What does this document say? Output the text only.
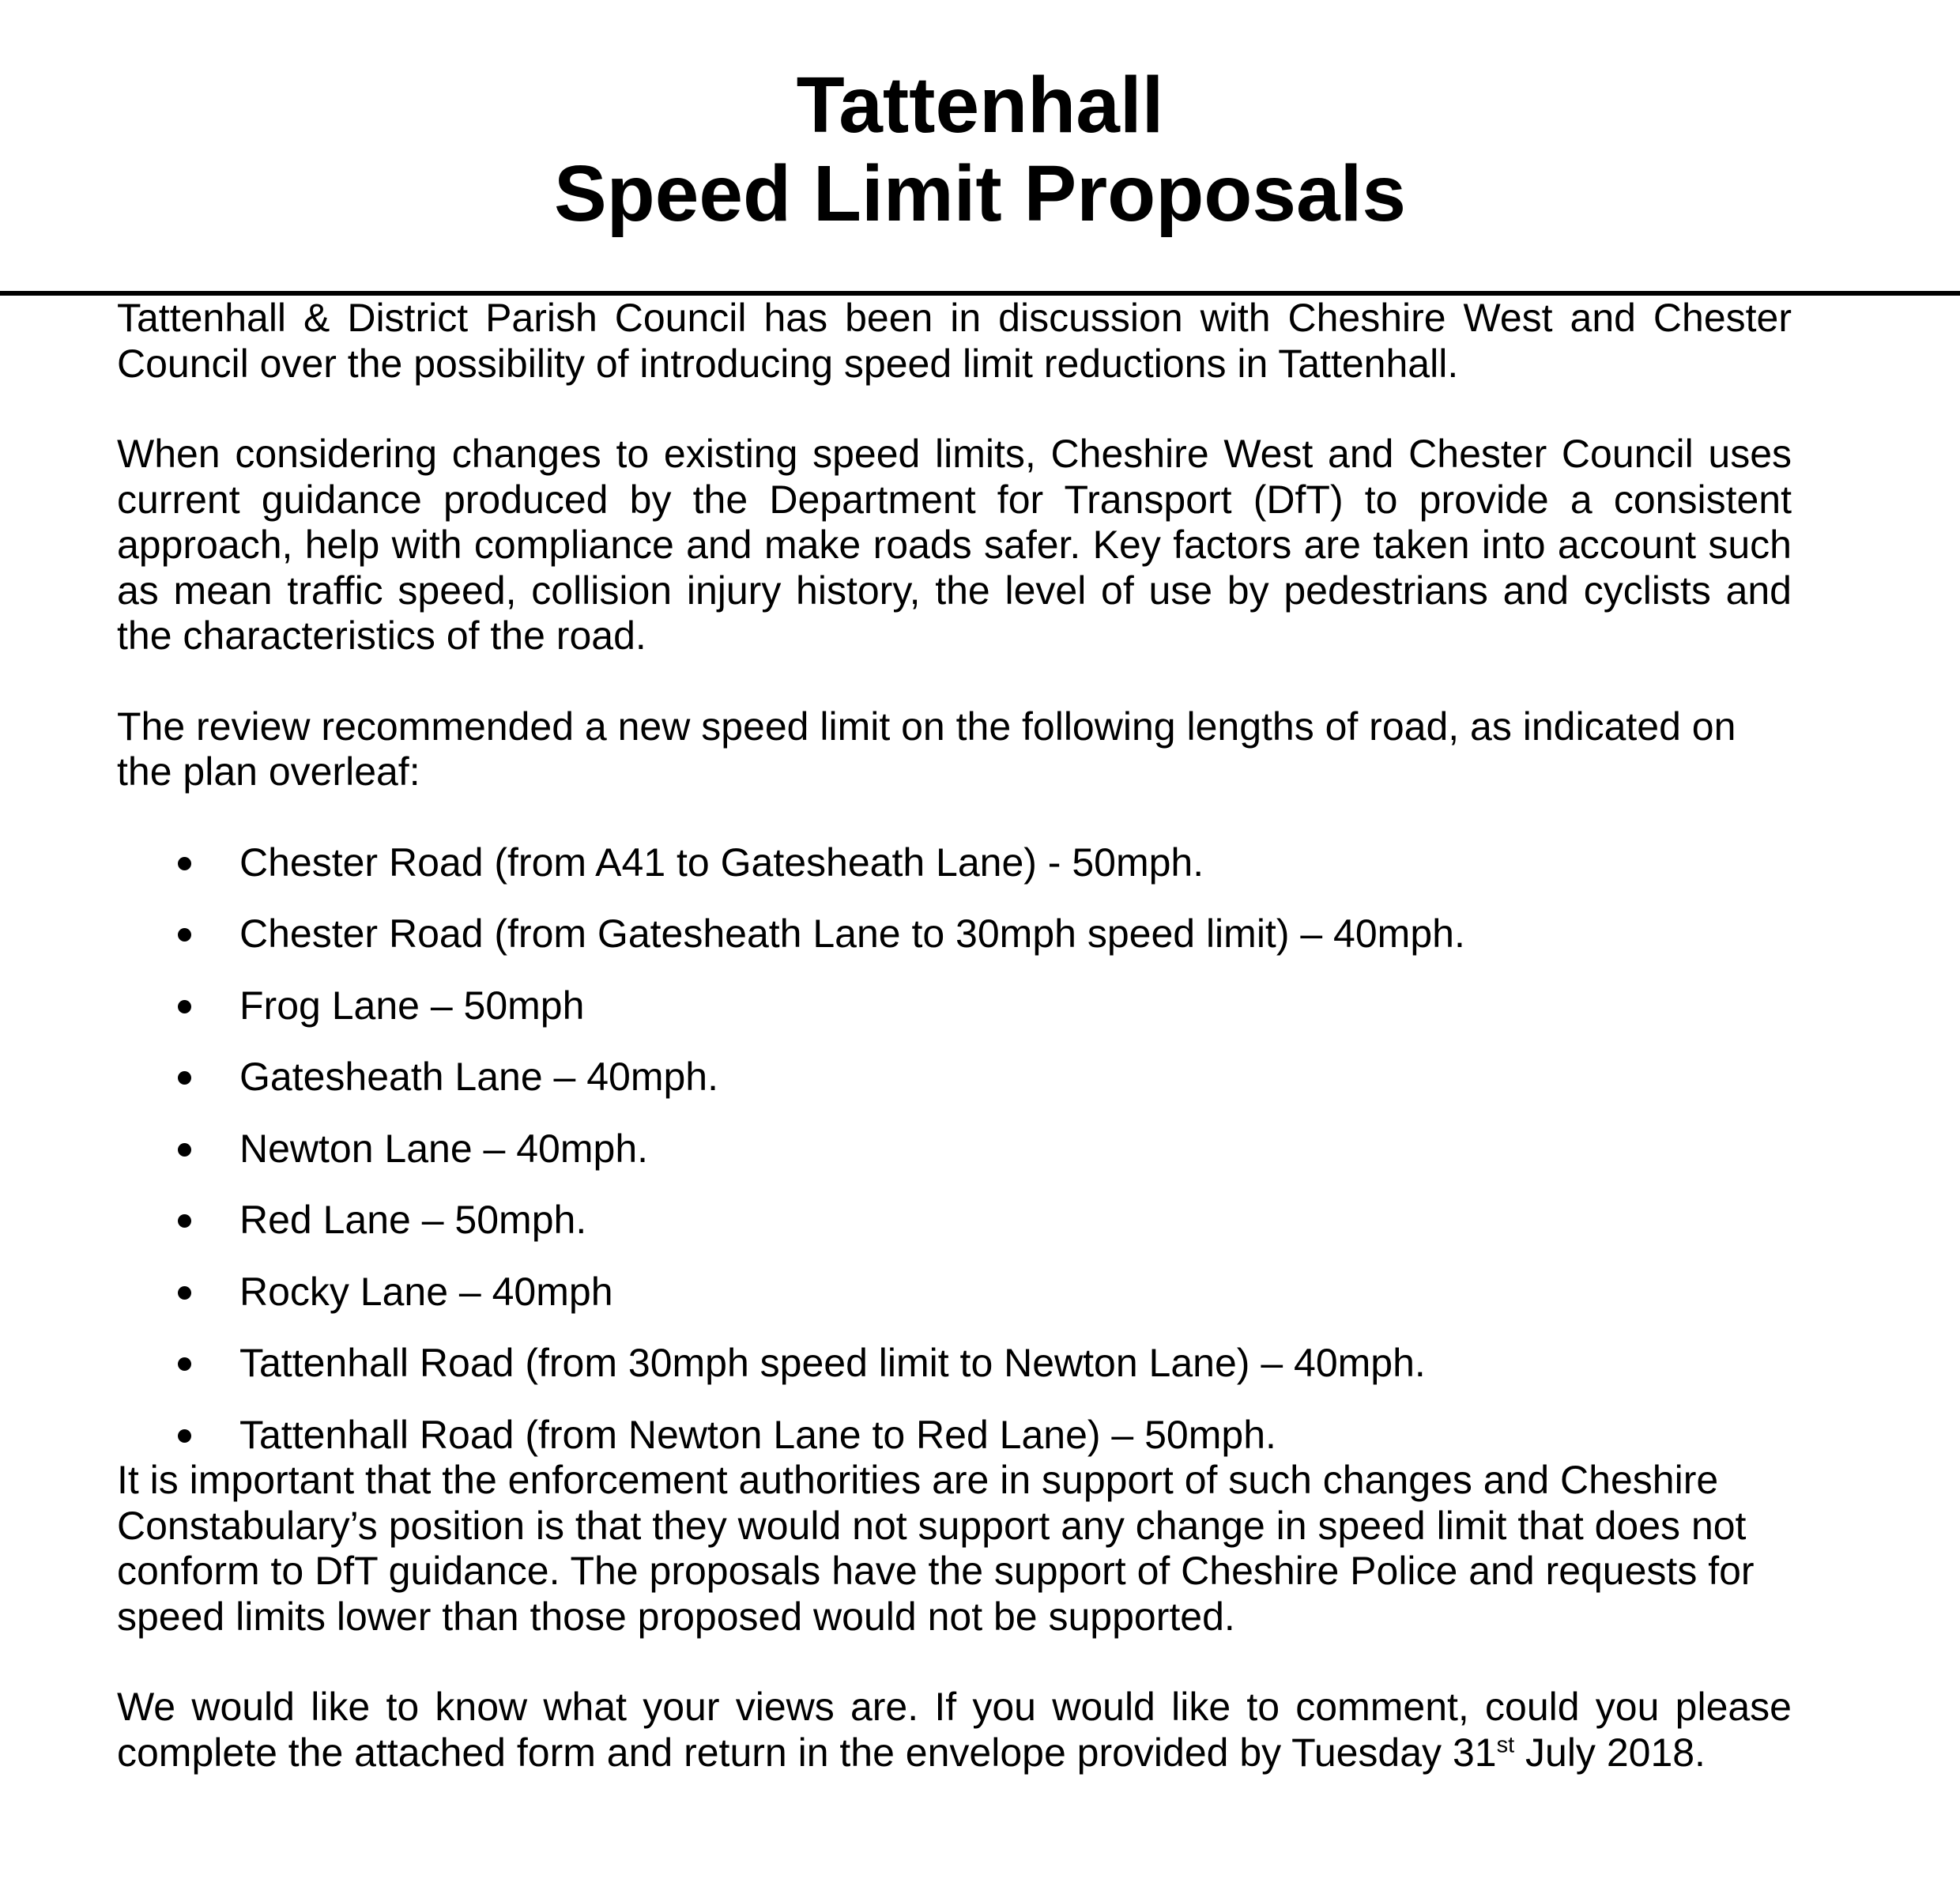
Tattenhall
Speed Limit Proposals

Tattenhall & District Parish Council has been in discussion with Cheshire West and Chester Council over the possibility of introducing speed limit reductions in Tattenhall.

When considering changes to existing speed limits, Cheshire West and Chester Council uses current guidance produced by the Department for Transport (DfT) to provide a consistent approach, help with compliance and make roads safer. Key factors are taken into account such as mean traffic speed, collision injury history, the level of use by pedestrians and cyclists and the characteristics of the road.

The review recommended a new speed limit on the following lengths of road, as indicated on the plan overleaf:

Chester Road (from A41 to Gatesheath Lane) - 50mph.
Chester Road (from Gatesheath Lane to 30mph speed limit) – 40mph.
Frog Lane – 50mph
Gatesheath Lane – 40mph.
Newton Lane – 40mph.
Red Lane – 50mph.
Rocky Lane – 40mph
Tattenhall Road (from 30mph speed limit to Newton Lane) – 40mph.
Tattenhall Road (from Newton Lane to Red Lane) – 50mph.

It is important that the enforcement authorities are in support of such changes and Cheshire Constabulary’s position is that they would not support any change in speed limit that does not conform to DfT guidance. The proposals have the support of Cheshire Police and requests for speed limits lower than those proposed would not be supported.

We would like to know what your views are. If you would like to comment, could you please complete the attached form and return in the envelope provided by Tuesday 31st July 2018.
